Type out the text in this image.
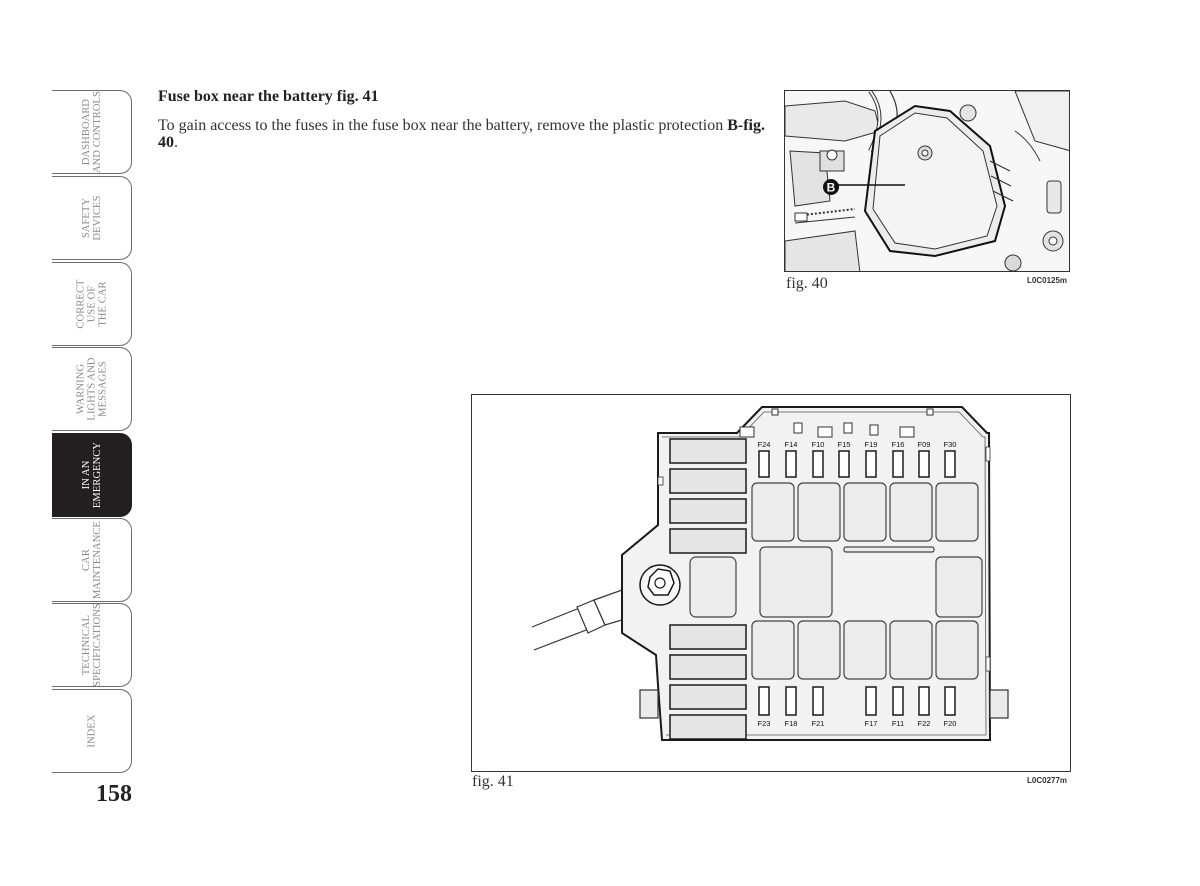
DASHBOARD
AND CONTROLS
SAFETY
DEVICES
CORRECT
USE OF
THE CAR
WARNING
LIGHTS AND
MESSAGES
IN AN
EMERGENCY
CAR
MAINTENANCE
TECHNICAL
SPECIFICATIONS
INDEX
158
Fuse box near the battery fig. 41
To gain access to the fuses in the fuse box near the battery, remove the plastic protection B-fig. 40.
B
fig. 40	L0C0125m
F24 F14 F10 F15 F19 F16 F09 F30
F23 F18 F21	F17 F11 F22 F20
fig. 41	L0C0277m
